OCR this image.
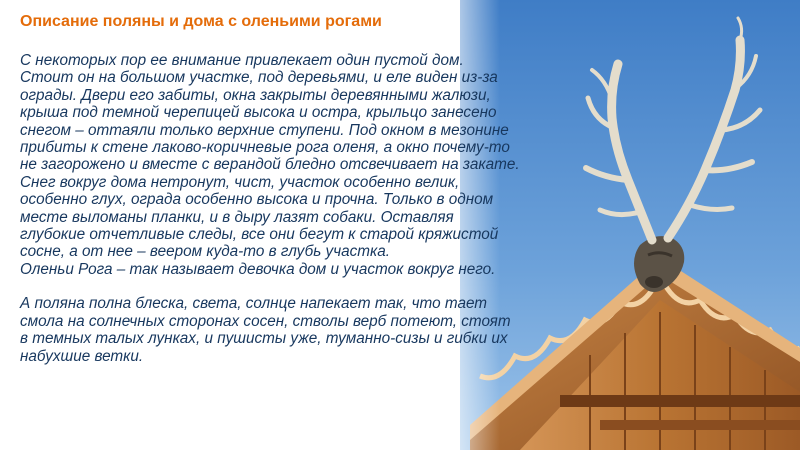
Описание поляны и дома с оленьими рогами
С некоторых пор ее внимание привлекает один пустой дом.
Стоит он на большом участке, под деревьями, и еле виден из-за
ограды. Двери его забиты, окна закрыты деревянными жалюзи,
крыша под темной черепицей высока и остра, крыльцо занесено
снегом – оттаяли только верхние ступени. Под окном в мезонине
прибиты к стене лаково-коричневые рога оленя, а окно почему-то
не загорожено и вместе с верандой бледно отсвечивает на закате.
Снег вокруг дома нетронут, чист, участок особенно велик,
особенно глух, ограда особенно высока и прочна. Только в одном
месте выломаны планки, и в дыру лазят собаки. Оставляя
глубокие отчетливые следы, все они бегут к старой кряжистой
сосне, а от нее – веером куда-то в глубь участка.
Оленьи Рога – так называет девочка дом и участок вокруг него.
А поляна полна блеска, света, солнце напекает так, что тает
смола на солнечных сторонах сосен, стволы верб потеют, стоят
в темных талых лунках, и пушисты уже, туманно-сизы и гибки их
набухшие ветки.
